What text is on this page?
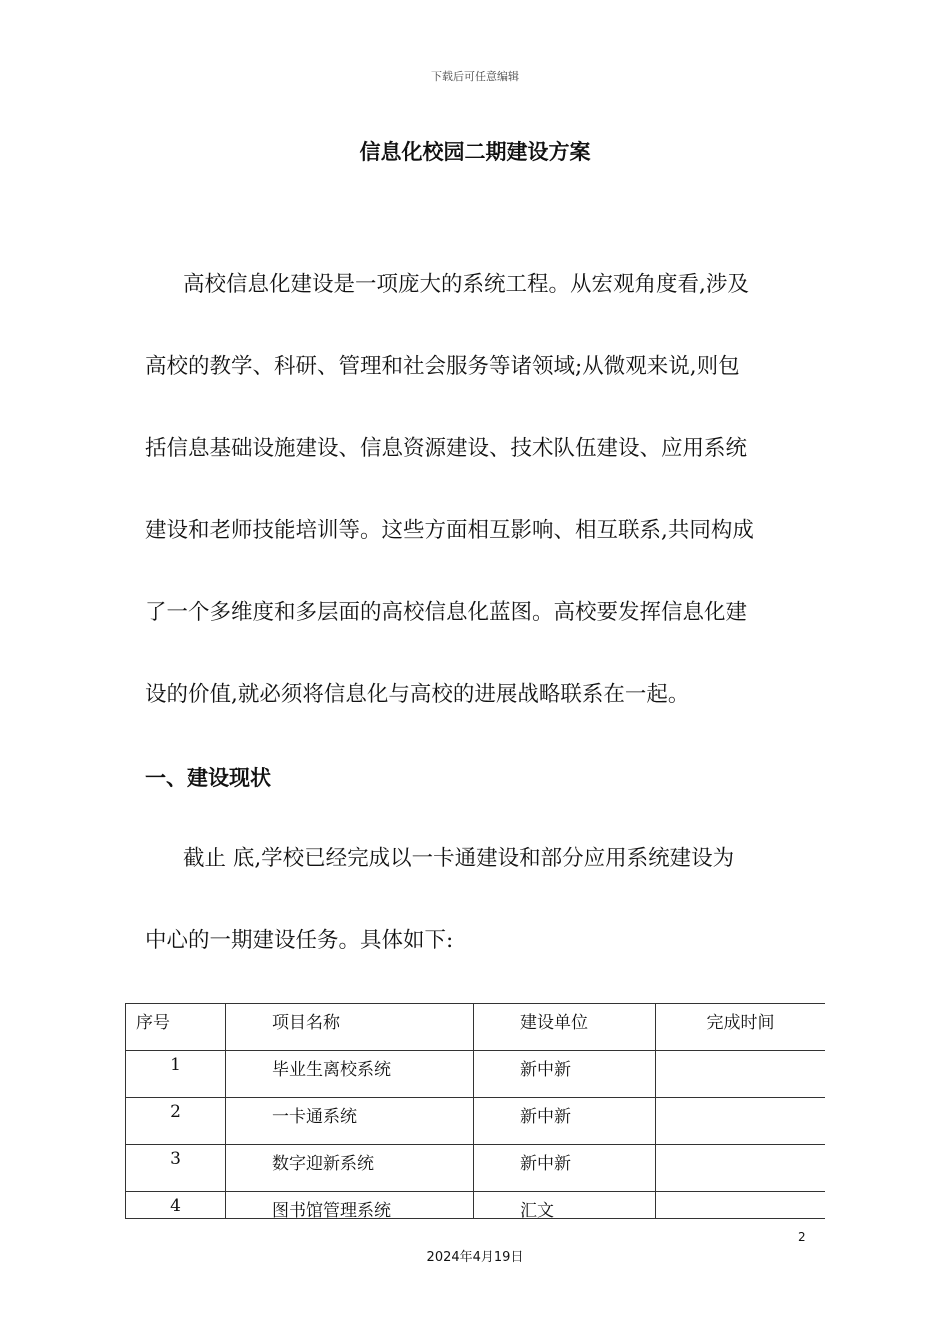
下载后可任意编辑
信息化校园二期建设方案

高校信息化建设是一项庞大的系统工程。从宏观角度看,涉及
高校的教学、科研、管理和社会服务等诸领域;从微观来说,则包
括信息基础设施建设、信息资源建设、技术队伍建设、应用系统
建设和老师技能培训等。这些方面相互影响、相互联系,共同构成
了一个多维度和多层面的高校信息化蓝图。高校要发挥信息化建
设的价值,就必须将信息化与高校的进展战略联系在一起。

一、建设现状

截止 底,学校已经完成以一卡通建设和部分应用系统建设为
中心的一期建设任务。具体如下:

序号	项目名称	建设单位	完成时间
1	毕业生离校系统	新中新	
2	一卡通系统	新中新	
3	数字迎新系统	新中新	
4	图书馆管理系统	汇文	
2
2024年4月19日
